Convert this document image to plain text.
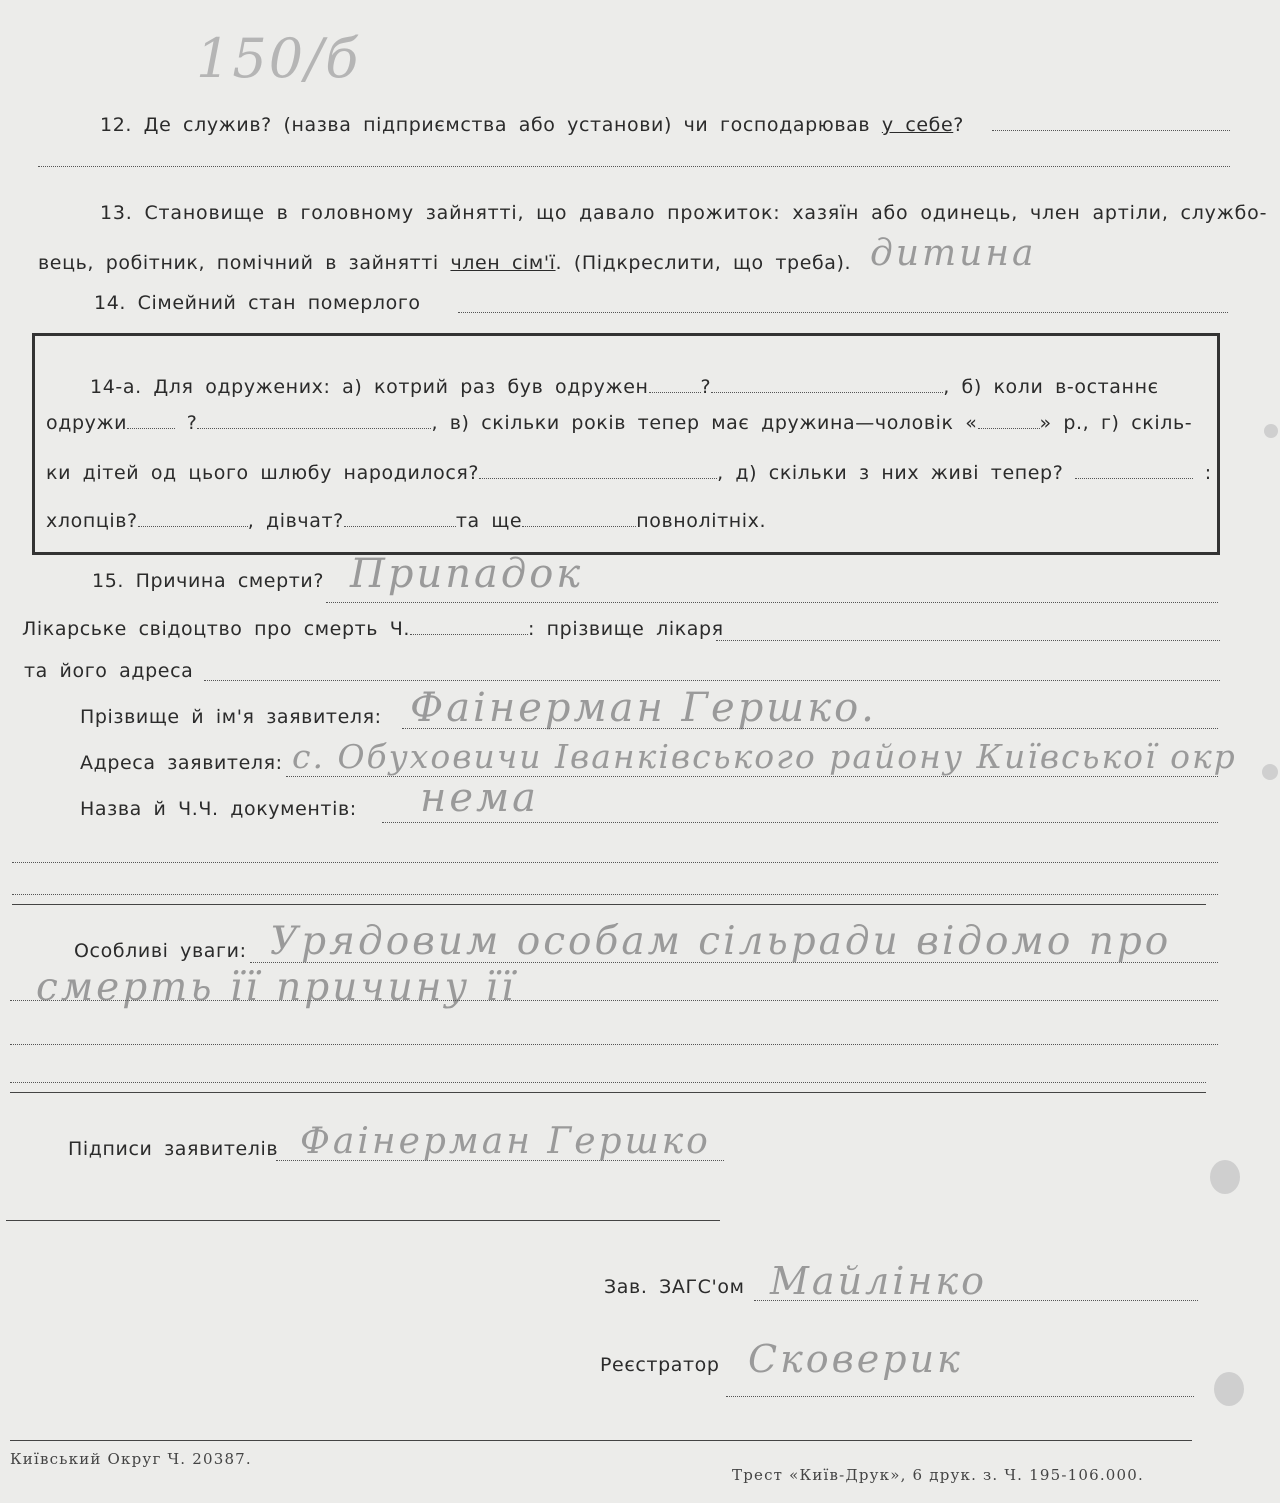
150/б
12. Де служив? (назва підприємства або установи) чи господарював у себе?
13. Становище в головному зайнятті, що давало прожиток: хазяїн або одинець, член артіли, службо-
вець, робітник, помічний в зайнятті член сім'ї. (Підкреслити, що треба). дитина
14. Сімейний стан померлого
14-а. Для одружених: а) котрий раз був одружен	?	, б) коли в-останнє
одружи	?	, в) скільки років тепер має дружина—чоловік «	» р., г) скіль-
ки дітей од цього шлюбу народилося?	, д) скільки з них живі тепер?	:
хлопців?	, дівчат?	та ще	повнолітніх.
15. Причина смерти? Припадок
Лікарське свідоцтво про смерть Ч.	: прізвище лікаря
та його адреса
Прізвище й ім'я заявителя: Фаінерман Гершко.
Адреса заявителя: с. Обуховичи Іванківського району Київської окр
Назва й Ч.Ч. документів: нема
Особливі уваги: Урядовим особам сільради відомо про
смерть її причину її
Підписи заявителів Фаінерман Гершко
Зав. ЗАГС'ом Майлінко
Реєстратор Сковерик
Київський Округ Ч. 20387.
Трест «Київ-Друк», 6 друк. з. Ч. 195-106.000.
